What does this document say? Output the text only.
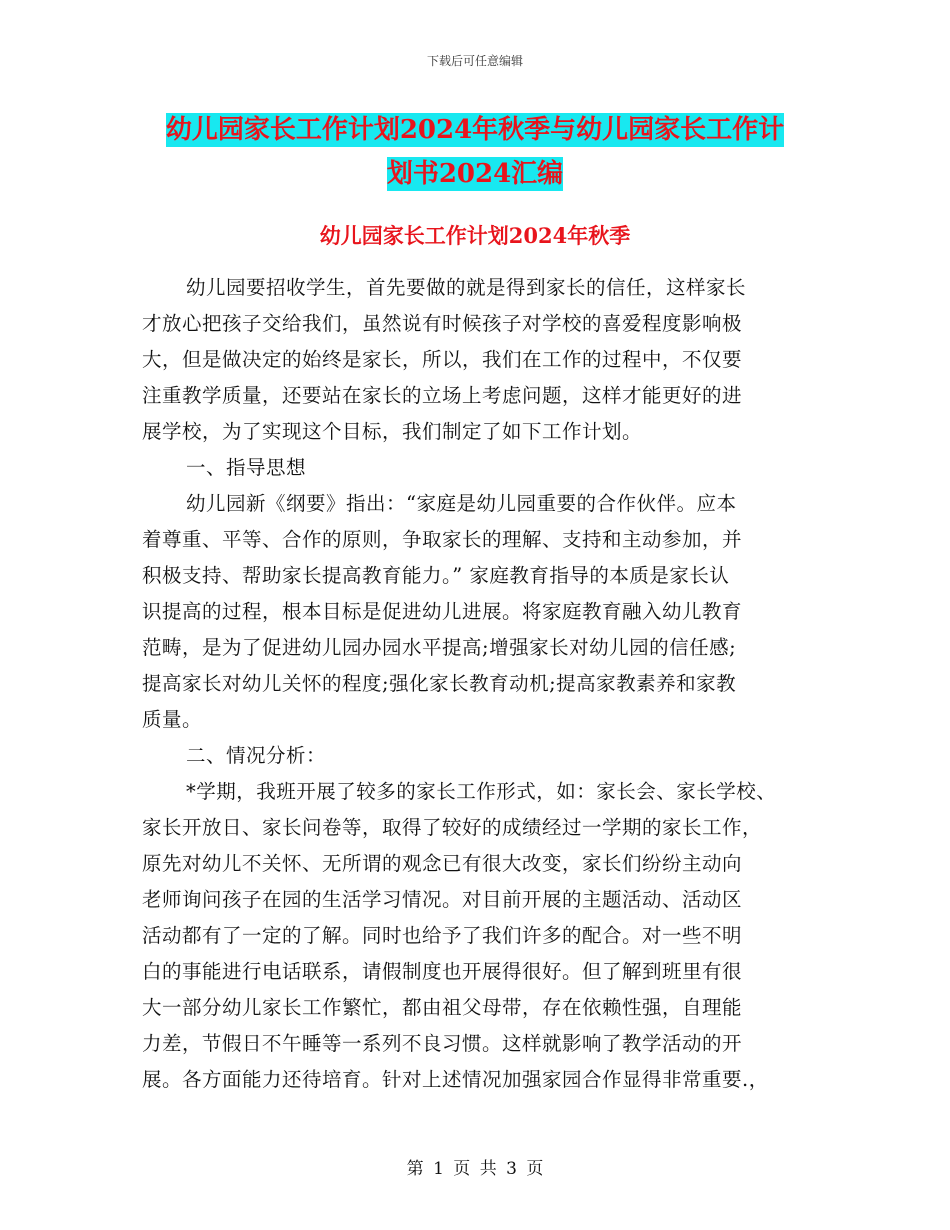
下载后可任意编辑
幼儿园家长工作计划2024年秋季与幼儿园家长工作计
划书2024汇编
幼儿园家长工作计划2024年秋季
幼儿园要招收学生，首先要做的就是得到家长的信任，这样家长
才放心把孩子交给我们，虽然说有时候孩子对学校的喜爱程度影响极
大，但是做决定的始终是家长，所以，我们在工作的过程中，不仅要
注重教学质量，还要站在家长的立场上考虑问题，这样才能更好的进
展学校，为了实现这个目标，我们制定了如下工作计划。
一、指导思想
幼儿园新《纲要》指出：“家庭是幼儿园重要的合作伙伴。应本
着尊重、平等、合作的原则，争取家长的理解、支持和主动参加，并
积极支持、帮助家长提高教育能力。” 家庭教育指导的本质是家长认
识提高的过程，根本目标是促进幼儿进展。将家庭教育融入幼儿教育
范畴，是为了促进幼儿园办园水平提高;增强家长对幼儿园的信任感;
提高家长对幼儿关怀的程度;强化家长教育动机;提高家教素养和家教
质量。
二、情况分析：
*学期，我班开展了较多的家长工作形式，如：家长会、家长学校、
家长开放日、家长问卷等，取得了较好的成绩经过一学期的家长工作，
原先对幼儿不关怀、无所谓的观念已有很大改变，家长们纷纷主动向
老师询问孩子在园的生活学习情况。对目前开展的主题活动、活动区
活动都有了一定的了解。同时也给予了我们许多的配合。对一些不明
白的事能进行电话联系，请假制度也开展得很好。但了解到班里有很
大一部分幼儿家长工作繁忙，都由祖父母带，存在依赖性强，自理能
力差，节假日不午睡等一系列不良习惯。这样就影响了教学活动的开
展。各方面能力还待培育。针对上述情况加强家园合作显得非常重要.，
第 1 页 共 3 页
